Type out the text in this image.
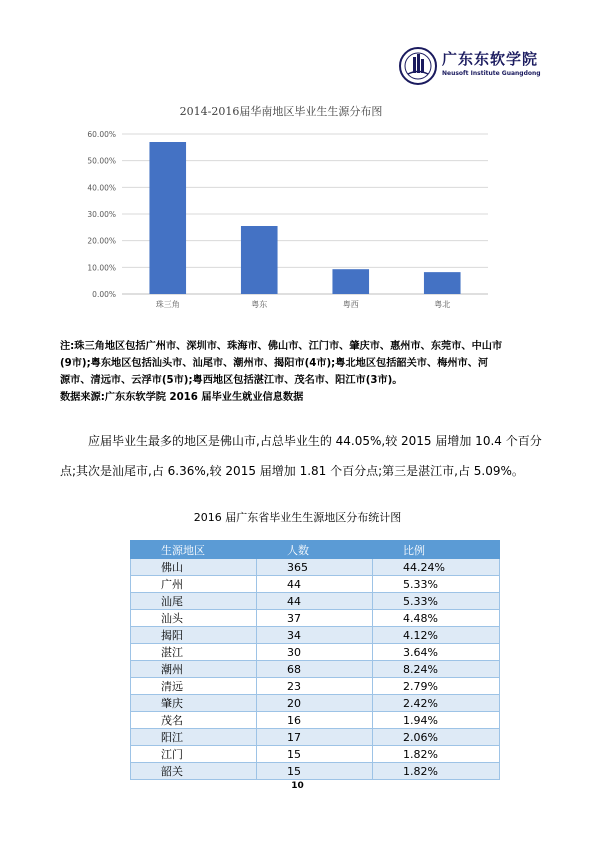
广东东软学院
Neusoft Institute Guangdong
2014-2016届华南地区毕业生生源分布图
0.00%
10.00%
20.00%
30.00%
40.00%
50.00%
60.00%
珠三角	粤东	粤西	粤北

注:珠三角地区包括广州市、深圳市、珠海市、佛山市、江门市、肇庆市、惠州市、东莞市、中山市

(9市);粤东地区包括汕头市、汕尾市、潮州市、揭阳市(4市);粤北地区包括韶关市、梅州市、河

源市、清远市、云浮市(5市);粤西地区包括湛江市、茂名市、阳江市(3市)。

数据来源:广东东软学院 2016 届毕业生就业信息数据

应届毕业生最多的地区是佛山市,占总毕业生的 44.05%,较 2015 届增加 10.4 个百分
点;其次是汕尾市,占 6.36%,较 2015 届增加 1.81 个百分点;第三是湛江市,占 5.09%。
2016 届广东省毕业生生源地区分布统计图
生源地区	人数	比例
佛山	365	44.24%
广州	44	5.33%
汕尾	44	5.33%
汕头	37	4.48%
揭阳	34	4.12%
湛江	30	3.64%
潮州	68	8.24%
清远	23	2.79%
肇庆	20	2.42%
茂名	16	1.94%
阳江	17	2.06%
江门	15	1.82%
韶关	15	1.82%
10
